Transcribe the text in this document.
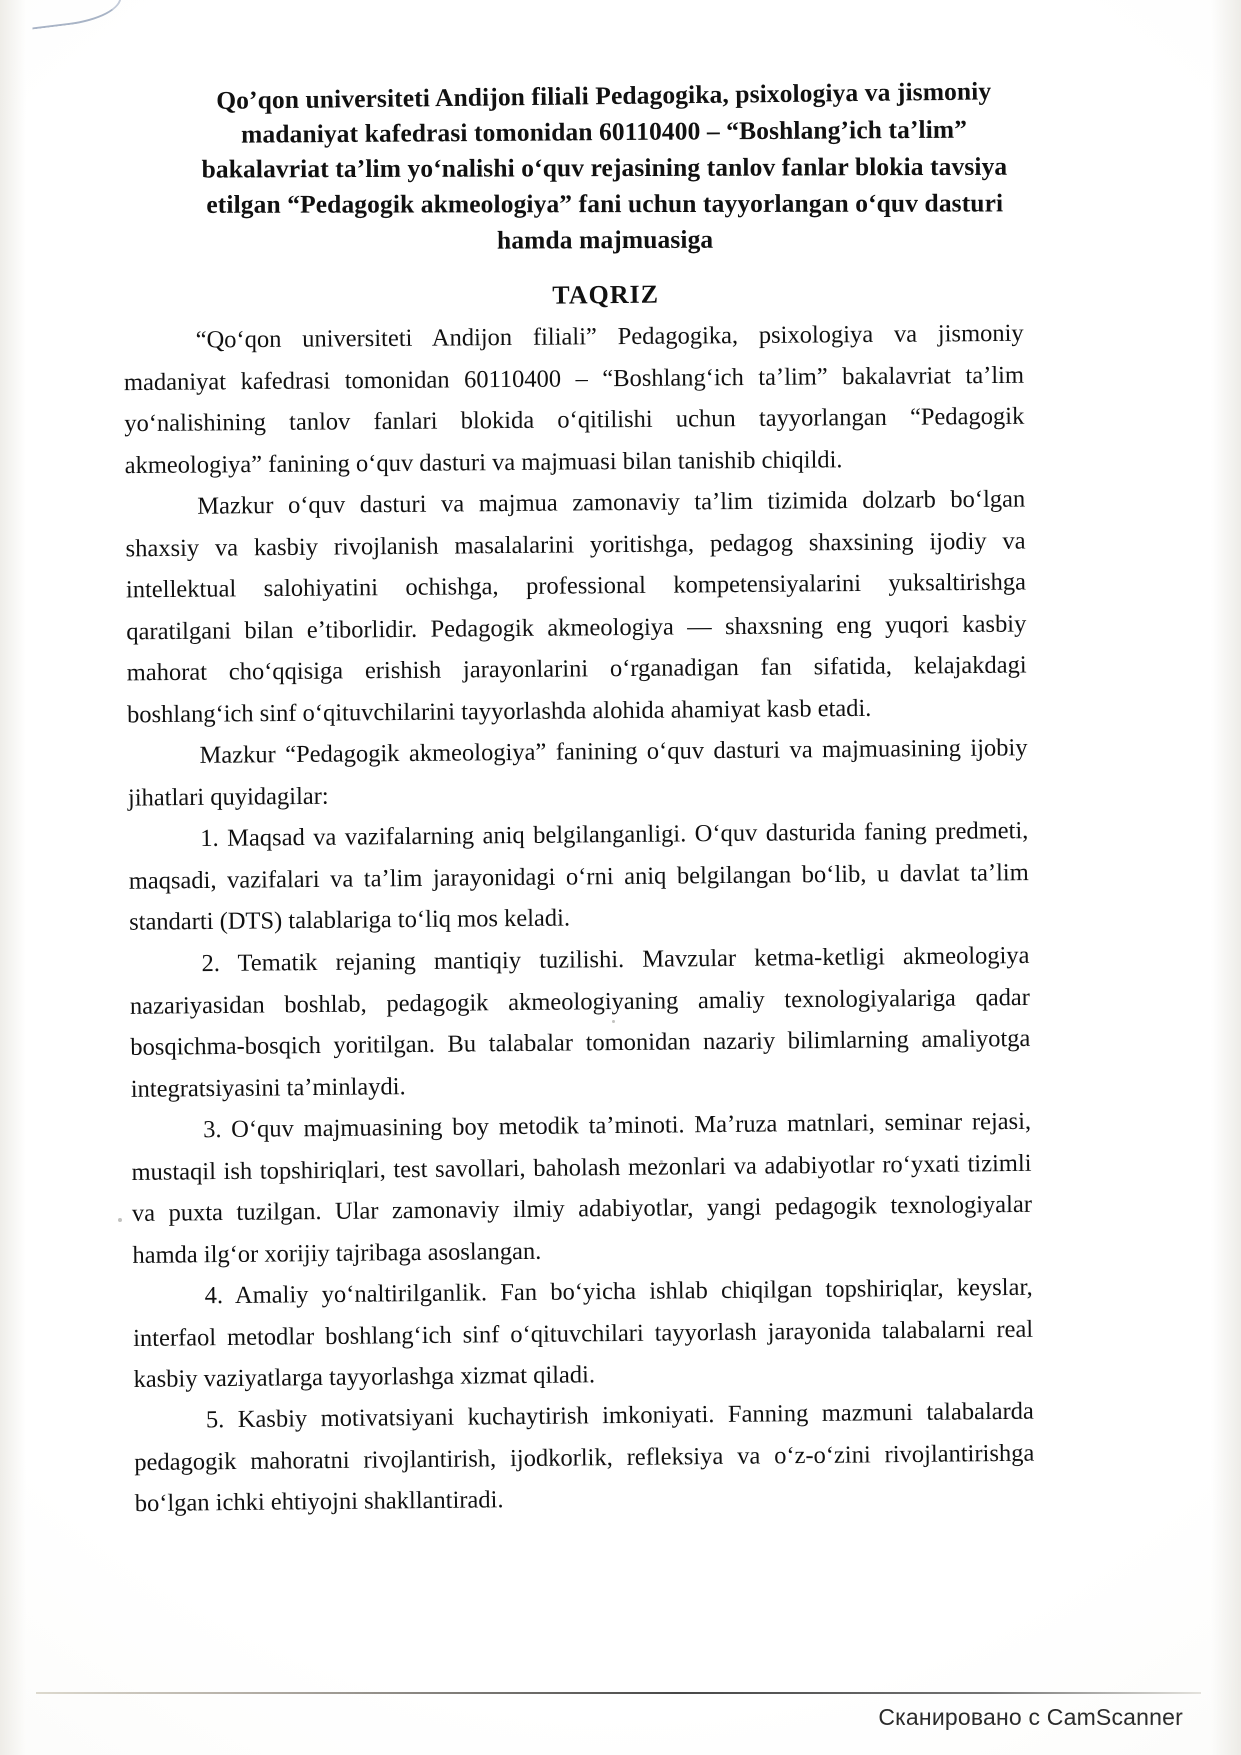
Qo’qon universiteti Andijon filiali Pedagogika, psixologiya va jismoniy
madaniyat kafedrasi tomonidan 60110400 – “Boshlang’ich ta’lim”
bakalavriat ta’lim yo‘nalishi o‘quv rejasining tanlov fanlar blokia tavsiya
etilgan “Pedagogik akmeologiya” fani uchun tayyorlangan o‘quv dasturi
hamda majmuasiga
TAQRIZ

“Qo‘qon universiteti Andijon filiali” Pedagogika, psixologiya va jismoniy madaniyat kafedrasi tomonidan 60110400 – “Boshlang‘ich ta’lim” bakalavriat ta’lim yo‘nalishining tanlov fanlari blokida o‘qitilishi uchun tayyorlangan “Pedagogik akmeologiya” fanining o‘quv dasturi va majmuasi bilan tanishib chiqildi.

Mazkur o‘quv dasturi va majmua zamonaviy ta’lim tizimida dolzarb bo‘lgan shaxsiy va kasbiy rivojlanish masalalarini yoritishga, pedagog shaxsining ijodiy va intellektual salohiyatini ochishga, professional kompetensiyalarini yuksaltirishga qaratilgani bilan e’tiborlidir. Pedagogik akmeologiya — shaxsning eng yuqori kasbiy mahorat cho‘qqisiga erishish jarayonlarini o‘rganadigan fan sifatida, kelajakdagi boshlang‘ich sinf o‘qituvchilarini tayyorlashda alohida ahamiyat kasb etadi.

Mazkur “Pedagogik akmeologiya” fanining o‘quv dasturi va majmuasining ijobiy jihatlari quyidagilar:

1. Maqsad va vazifalarning aniq belgilanganligi. O‘quv dasturida faning predmeti, maqsadi, vazifalari va ta’lim jarayonidagi o‘rni aniq belgilangan bo‘lib, u davlat ta’lim standarti (DTS) talablariga to‘liq mos keladi.

2. Tematik rejaning mantiqiy tuzilishi. Mavzular ketma-ketligi akmeologiya nazariyasidan boshlab, pedagogik akmeologiyaning amaliy texnologiyalariga qadar bosqichma-bosqich yoritilgan. Bu talabalar tomonidan nazariy bilimlarning amaliyotga integratsiyasini ta’minlaydi.

3. O‘quv majmuasining boy metodik ta’minoti. Ma’ruza matnlari, seminar rejasi, mustaqil ish topshiriqlari, test savollari, baholash mezonlari va adabiyotlar ro‘yxati tizimli va puxta tuzilgan. Ular zamonaviy ilmiy adabiyotlar, yangi pedagogik texnologiyalar hamda ilg‘or xorijiy tajribaga asoslangan.

4. Amaliy yo‘naltirilganlik. Fan bo‘yicha ishlab chiqilgan topshiriqlar, keyslar, interfaol metodlar boshlang‘ich sinf o‘qituvchilari tayyorlash jarayonida talabalarni real kasbiy vaziyatlarga tayyorlashga xizmat qiladi.

5. Kasbiy motivatsiyani kuchaytirish imkoniyati. Fanning mazmuni talabalarda pedagogik mahoratni rivojlantirish, ijodkorlik, refleksiya va o‘z-o‘zini rivojlantirishga bo‘lgan ichki ehtiyojni shakllantiradi.

Сканировано с CamScanner
